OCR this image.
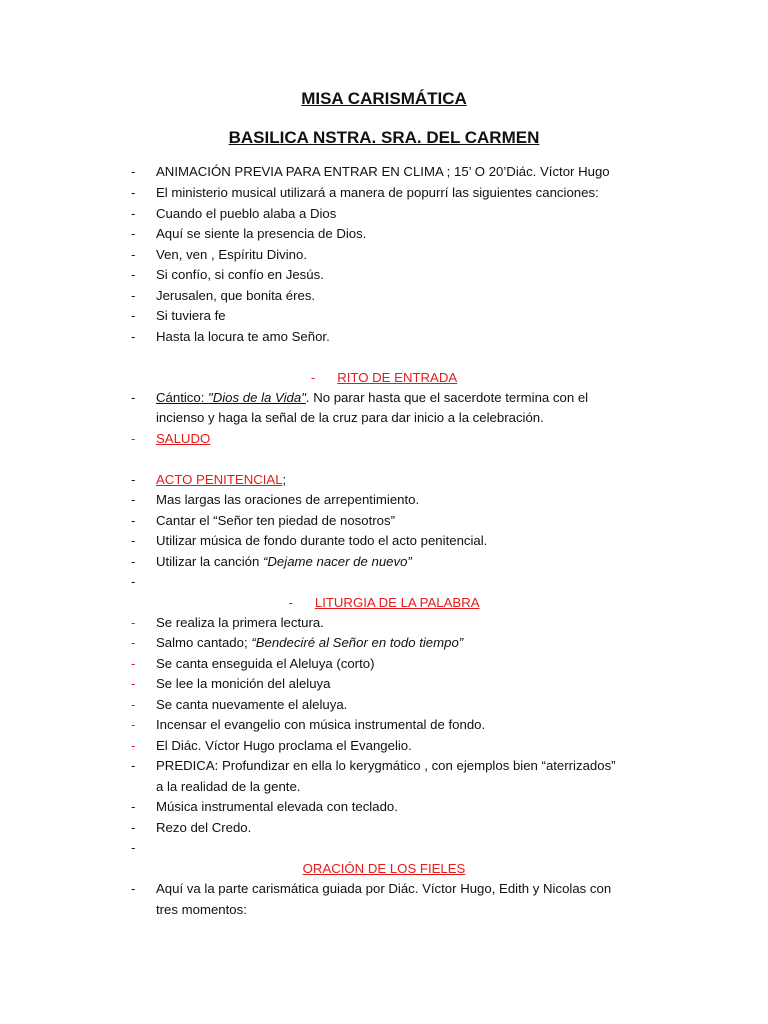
MISA CARISMÁTICA
BASILICA NSTRA. SRA. DEL CARMEN
- ANIMACIÓN PREVIA PARA ENTRAR EN CLIMA ; 15’ O 20’Diác. Víctor Hugo
- El ministerio musical utilizará a manera de popurrí las siguientes canciones:
- Cuando el pueblo alaba a Dios
- Aquí se siente la presencia de Dios.
- Ven, ven , Espíritu Divino.
- Si confío, si confío en Jesús.
- Jerusalen, que bonita éres.
- Si tuviera fe
- Hasta la locura te amo Señor.
- RITO DE ENTRADA
- Cántico: "Dios de la Vida". No parar hasta que el sacerdote termina con el
incienso y haga la señal de la cruz para dar inicio a la celebración.
- SALUDO
- ACTO PENITENCIAL;
- Mas largas las oraciones de arrepentimiento.
- Cantar el “Señor ten piedad de nosotros”
- Utilizar música de fondo durante todo el acto penitencial.
- Utilizar la canción “Dejame nacer de nuevo”
-
- LITURGIA DE LA PALABRA
- Se realiza la primera lectura.
- Salmo cantado; “Bendeciré al Señor en todo tiempo”
- Se canta enseguida el Aleluya (corto)
- Se lee la monición del aleluya
- Se canta nuevamente el aleluya.
- Incensar el evangelio con música instrumental de fondo.
- El Diác. Víctor Hugo proclama el Evangelio.
- PREDICA: Profundizar en ella lo kerygmático , con ejemplos bien “aterrizados”
a la realidad de la gente.
- Música instrumental elevada con teclado.
- Rezo del Credo.
-
ORACIÓN DE LOS FIELES
- Aquí va la parte carismática guiada por Diác. Víctor Hugo, Edith y Nicolas con
tres momentos:
